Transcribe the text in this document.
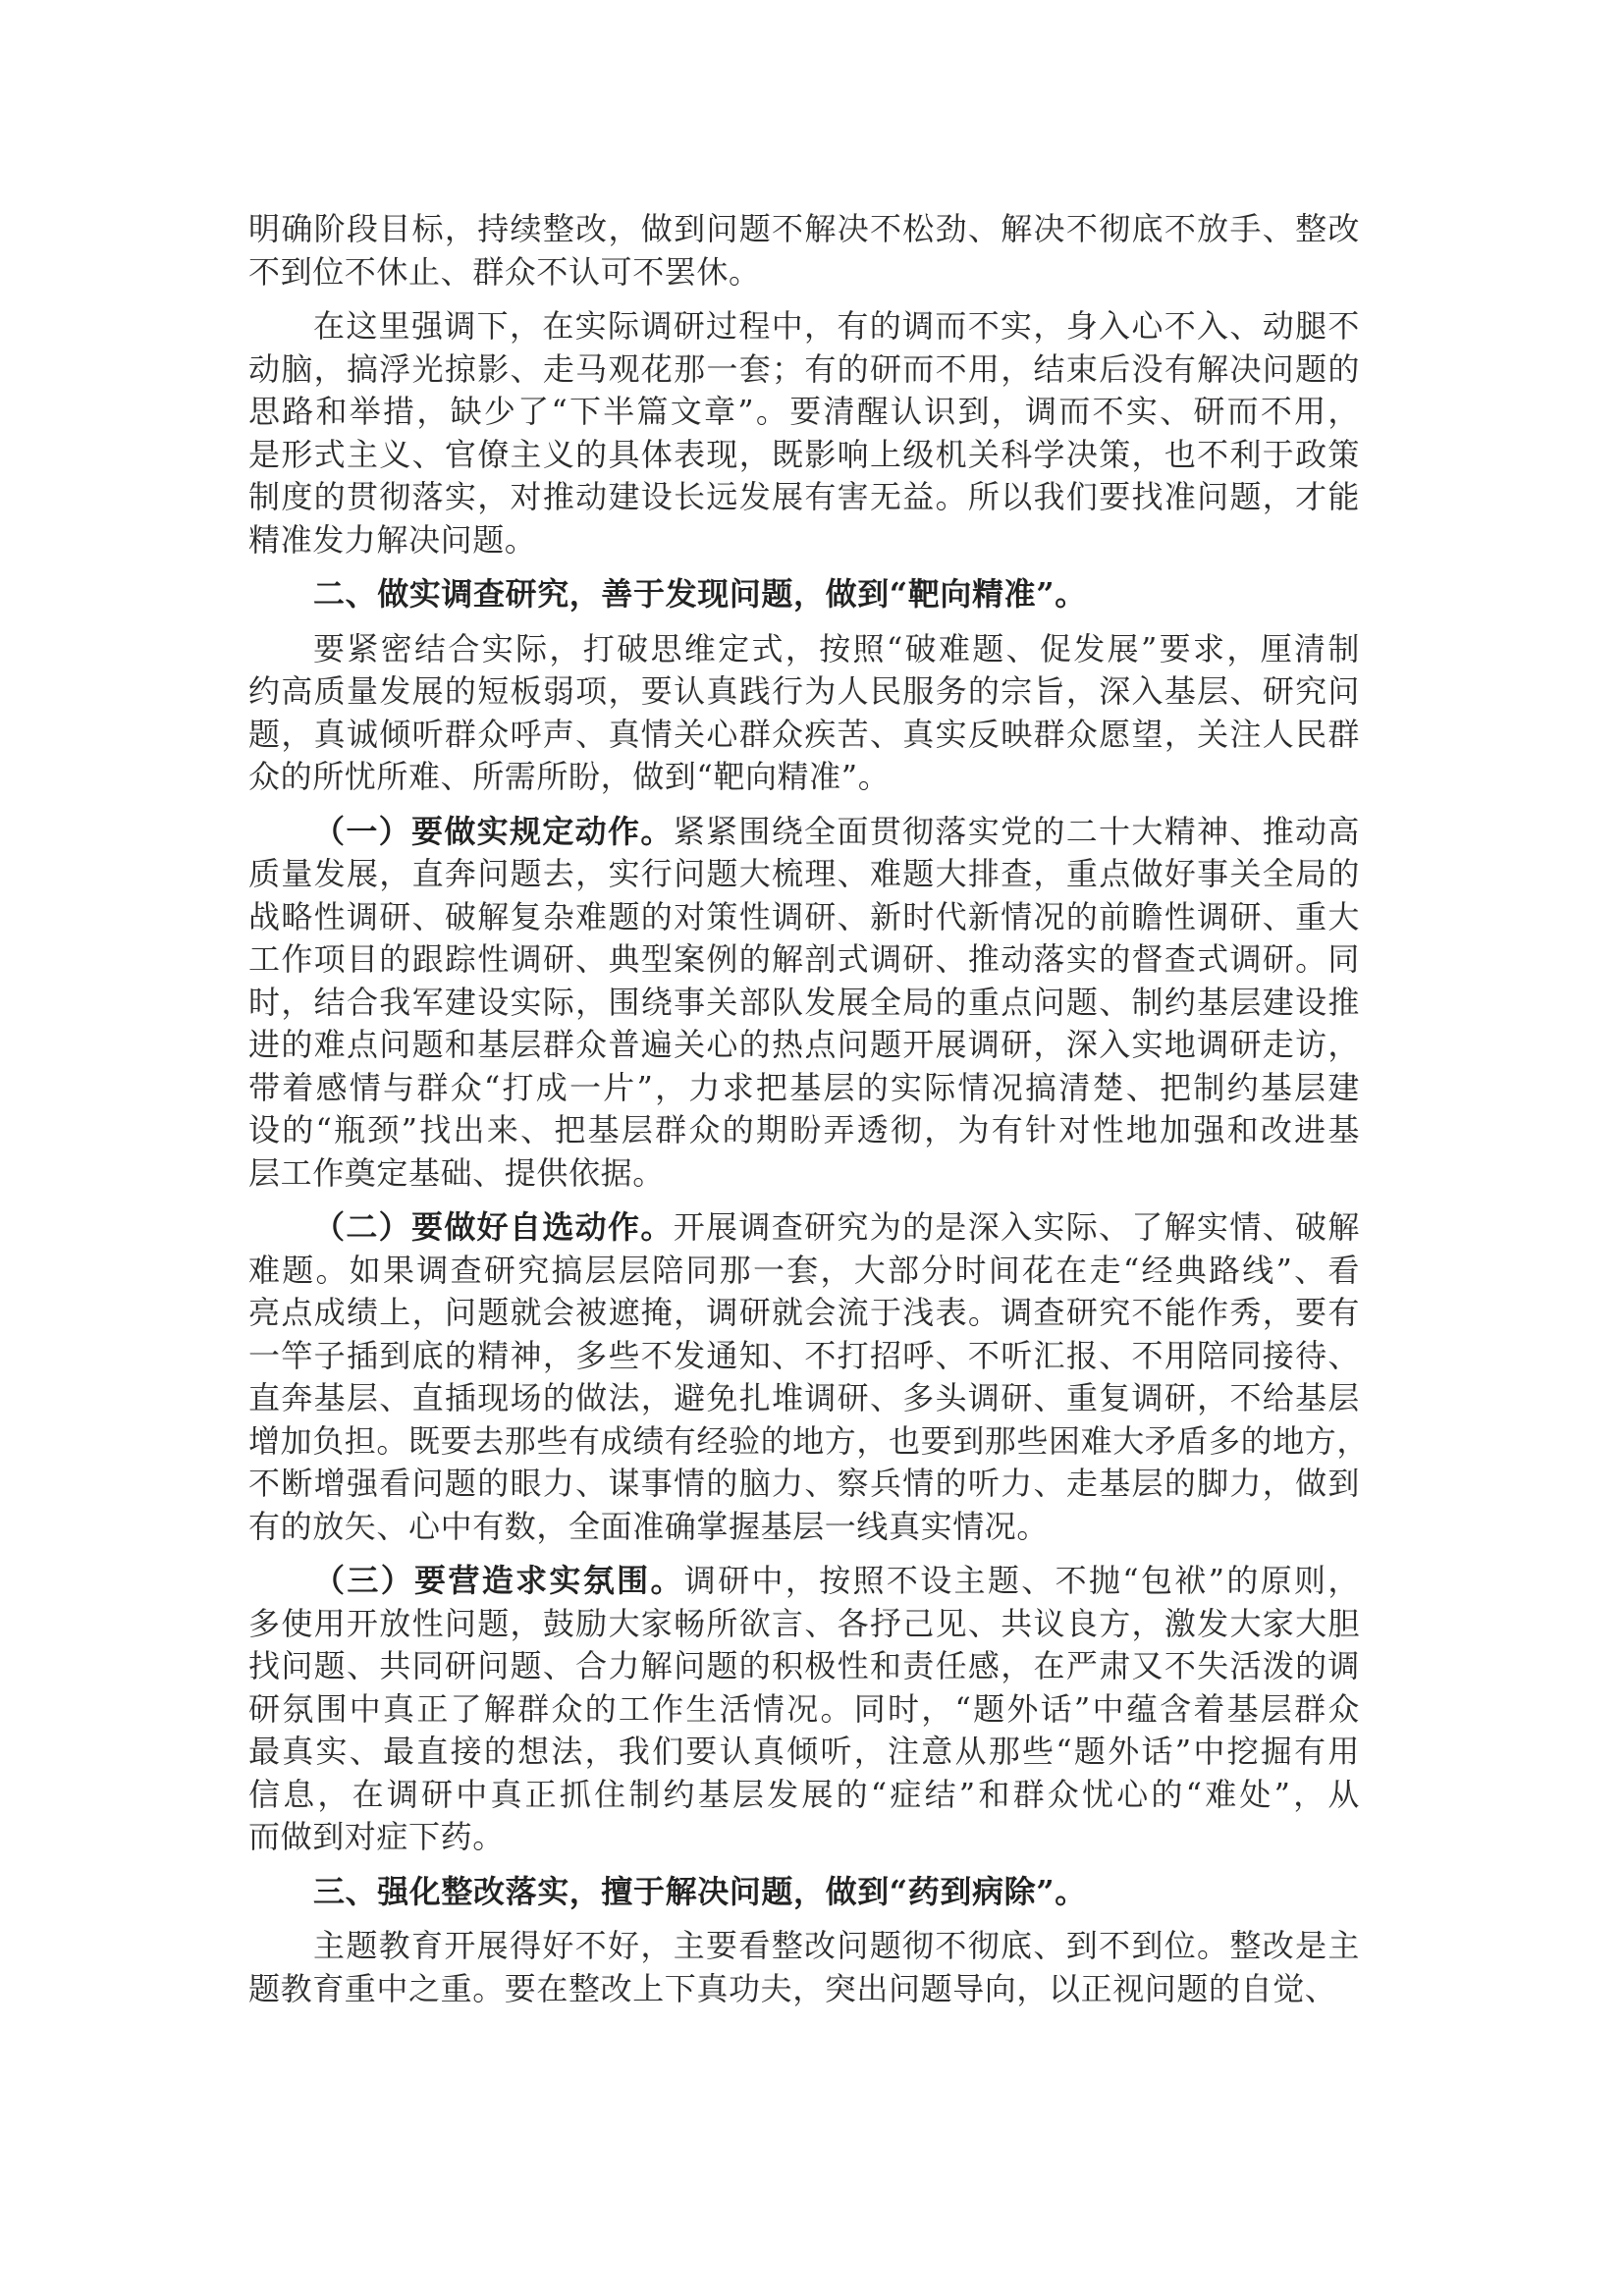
明确阶段目标，持续整改，做到问题不解决不松劲、解决不彻底不放手、整改
不到位不休止、群众不认可不罢休。
在这里强调下，在实际调研过程中，有的调而不实，身入心不入、动腿不
动脑，搞浮光掠影、走马观花那一套；有的研而不用，结束后没有解决问题的
思路和举措，缺少了“下半篇文章”。要清醒认识到，调而不实、研而不用，
是形式主义、官僚主义的具体表现，既影响上级机关科学决策，也不利于政策
制度的贯彻落实，对推动建设长远发展有害无益。所以我们要找准问题，才能
精准发力解决问题。
二、做实调查研究，善于发现问题，做到“靶向精准”。
要紧密结合实际，打破思维定式，按照“破难题、促发展”要求，厘清制
约高质量发展的短板弱项，要认真践行为人民服务的宗旨，深入基层、研究问
题，真诚倾听群众呼声、真情关心群众疾苦、真实反映群众愿望，关注人民群
众的所忧所难、所需所盼，做到“靶向精准”。
（一）要做实规定动作。紧紧围绕全面贯彻落实党的二十大精神、推动高
质量发展，直奔问题去，实行问题大梳理、难题大排查，重点做好事关全局的
战略性调研、破解复杂难题的对策性调研、新时代新情况的前瞻性调研、重大
工作项目的跟踪性调研、典型案例的解剖式调研、推动落实的督查式调研。同
时，结合我军建设实际，围绕事关部队发展全局的重点问题、制约基层建设推
进的难点问题和基层群众普遍关心的热点问题开展调研，深入实地调研走访，
带着感情与群众“打成一片”，力求把基层的实际情况搞清楚、把制约基层建
设的“瓶颈”找出来、把基层群众的期盼弄透彻，为有针对性地加强和改进基
层工作奠定基础、提供依据。
（二）要做好自选动作。开展调查研究为的是深入实际、了解实情、破解
难题。如果调查研究搞层层陪同那一套，大部分时间花在走“经典路线”、看
亮点成绩上，问题就会被遮掩，调研就会流于浅表。调查研究不能作秀，要有
一竿子插到底的精神，多些不发通知、不打招呼、不听汇报、不用陪同接待、
直奔基层、直插现场的做法，避免扎堆调研、多头调研、重复调研，不给基层
增加负担。既要去那些有成绩有经验的地方，也要到那些困难大矛盾多的地方，
不断增强看问题的眼力、谋事情的脑力、察兵情的听力、走基层的脚力，做到
有的放矢、心中有数，全面准确掌握基层一线真实情况。
（三）要营造求实氛围。调研中，按照不设主题、不抛“包袱”的原则，
多使用开放性问题，鼓励大家畅所欲言、各抒己见、共议良方，激发大家大胆
找问题、共同研问题、合力解问题的积极性和责任感，在严肃又不失活泼的调
研氛围中真正了解群众的工作生活情况。同时，“题外话”中蕴含着基层群众
最真实、最直接的想法，我们要认真倾听，注意从那些“题外话”中挖掘有用
信息，在调研中真正抓住制约基层发展的“症结”和群众忧心的“难处”，从
而做到对症下药。
三、强化整改落实，擅于解决问题，做到“药到病除”。
主题教育开展得好不好，主要看整改问题彻不彻底、到不到位。整改是主
题教育重中之重。要在整改上下真功夫，突出问题导向，以正视问题的自觉、
